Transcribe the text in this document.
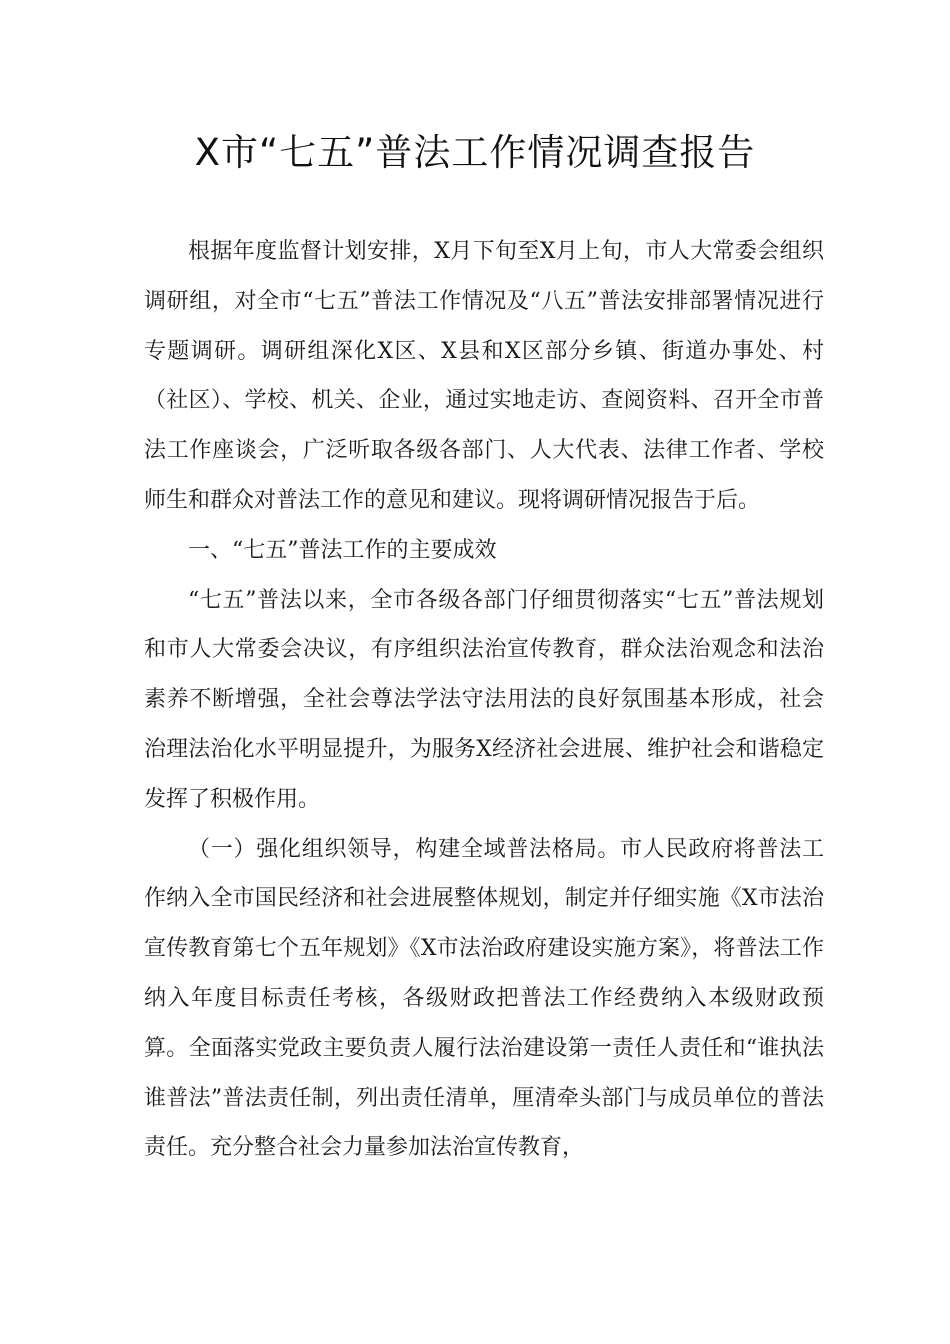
X市“七五”普法工作情况调查报告

根据年度监督计划安排，X月下旬至X月上旬，市人大常委会组织调研组，对全市“七五”普法工作情况及“八五”普法安排部署情况进行专题调研。调研组深化X区、X县和X区部分乡镇、街道办事处、村（社区）、学校、机关、企业，通过实地走访、查阅资料、召开全市普法工作座谈会，广泛听取各级各部门、人大代表、法律工作者、学校师生和群众对普法工作的意见和建议。现将调研情况报告于后。

一、“七五”普法工作的主要成效

“七五”普法以来，全市各级各部门仔细贯彻落实“七五”普法规划和市人大常委会决议，有序组织法治宣传教育，群众法治观念和法治素养不断增强，全社会尊法学法守法用法的良好氛围基本形成，社会治理法治化水平明显提升，为服务X经济社会进展、维护社会和谐稳定发挥了积极作用。

（一）强化组织领导，构建全域普法格局。市人民政府将普法工作纳入全市国民经济和社会进展整体规划，制定并仔细实施《X市法治宣传教育第七个五年规划》《X市法治政府建设实施方案》，将普法工作纳入年度目标责任考核，各级财政把普法工作经费纳入本级财政预算。全面落实党政主要负责人履行法治建设第一责任人责任和“谁执法谁普法”普法责任制，列出责任清单，厘清牵头部门与成员单位的普法责任。充分整合社会力量参加法治宣传教育，
